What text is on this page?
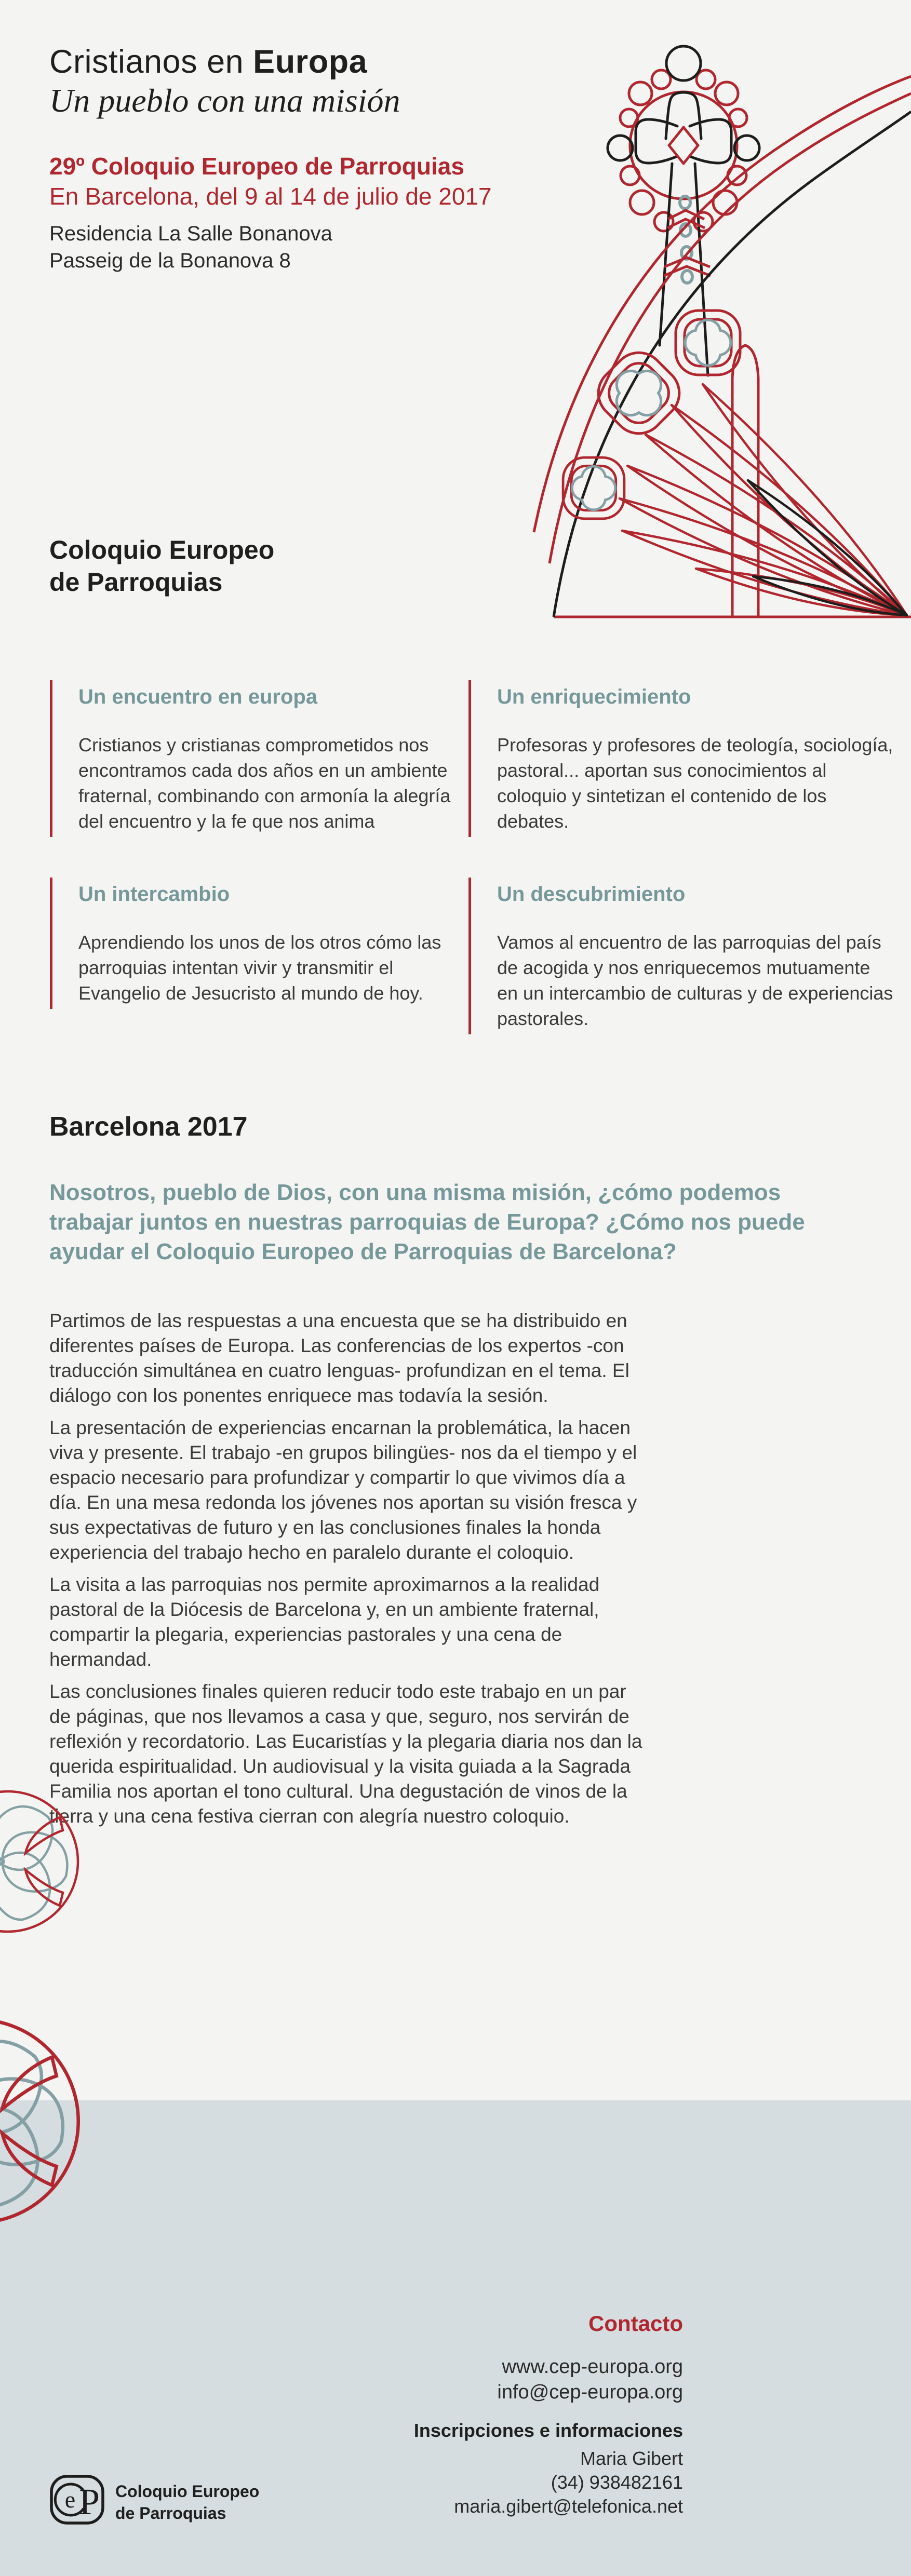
Cristianos en Europa
Un pueblo con una misión
29º Coloquio Europeo de Parroquias
En Barcelona, del 9 al 14 de julio de 2017
Residencia La Salle Bonanova
Passeig de la Bonanova 8
Coloquio Europeo
de Parroquias
Un encuentro en europa

Cristianos y cristianas comprometidos nos encontramos cada dos años en un ambiente fraternal, combinando con armonía la alegría del encuentro y la fe que nos anima

Un enriquecimiento

Profesoras y profesores de teología, sociología, pastoral... aportan sus conocimientos al coloquio y sintetizan el contenido de los debates.

Un intercambio

Aprendiendo los unos de los otros cómo las parroquias intentan vivir y transmitir el Evangelio de Jesucristo al mundo de hoy.

Un descubrimiento

Vamos al encuentro de las parroquias del país de acogida y nos enriquecemos mutuamente en un intercambio de culturas y de experiencias pastorales.

Barcelona 2017
Nosotros, pueblo de Dios, con una misma misión, ¿cómo podemos trabajar juntos en nuestras parroquias de Europa? ¿Cómo nos puede ayudar el Coloquio Europeo de Parroquias de Barcelona?

Partimos de las respuestas a una encuesta que se ha distribuido en diferentes países de Europa. Las conferencias de los expertos -con traducción simultánea en cuatro lenguas- profundizan en el tema. El diálogo con los ponentes enriquece mas todavía la sesión.

La presentación de experiencias encarnan la problemática, la hacen viva y presente. El trabajo -en grupos bilingües- nos da el tiempo y el espacio necesario para profundizar y compartir lo que vivimos día a día. En una mesa redonda los jóvenes nos aportan su visión fresca y sus expectativas de futuro y en las conclusiones finales la honda experiencia del trabajo hecho en paralelo durante el coloquio.

La visita a las parroquias nos permite aproximarnos a la realidad pastoral de la Diócesis de Barcelona y, en un ambiente fraternal, compartir la plegaria, experiencias pastorales y una cena de hermandad.

Las conclusiones finales quieren reducir todo este trabajo en un par de páginas, que nos llevamos a casa y que, seguro, nos servirán de reflexión y recordatorio. Las Eucaristías y la plegaria diaria nos dan la querida espiritualidad. Un audiovisual y la visita guiada a la Sagrada Familia nos aportan el tono cultural. Una degustación de vinos de la tierra y una cena festiva cierran con alegría nuestro coloquio.

Contacto
www.cep-europa.org
info@cep-europa.org
Inscripciones e informaciones
Maria Gibert
(34) 938482161
maria.gibert@telefonica.net
e P Coloquio Europeo
de Parroquias
